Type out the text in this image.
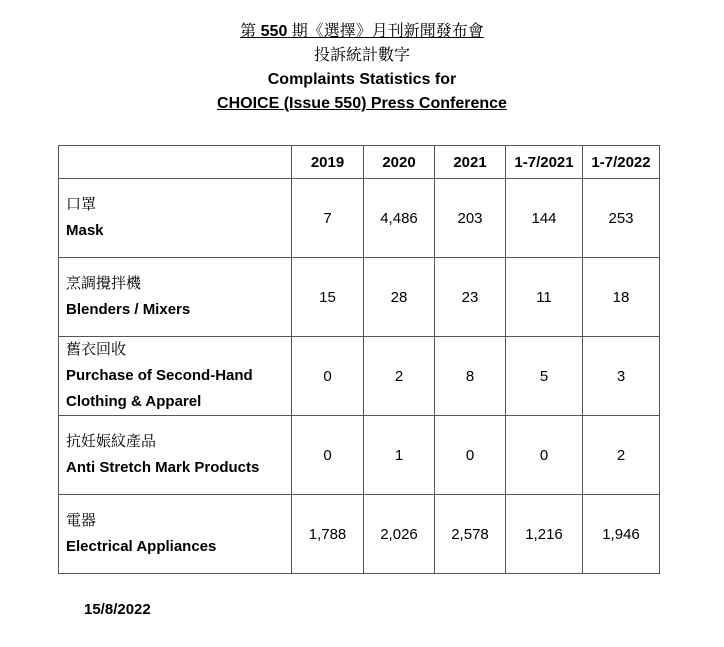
第 550 期《選擇》月刊新聞發布會
投訴統計數字
Complaints Statistics for
CHOICE (Issue 550) Press Conference
	2019	2020	2021	1-7/2021	1-7/2022

口罩
Mask	7	4,486	203	144	253

烹調攪拌機
Blenders / Mixers	15	28	23	11	18

舊衣回收
Purchase of Second-Hand Clothing & Apparel	0	2	8	5	3

抗妊娠紋產品
Anti Stretch Mark Products	0	1	0	0	2

電器
Electrical Appliances	1,788	2,026	2,578	1,216	1,946
15/8/2022
